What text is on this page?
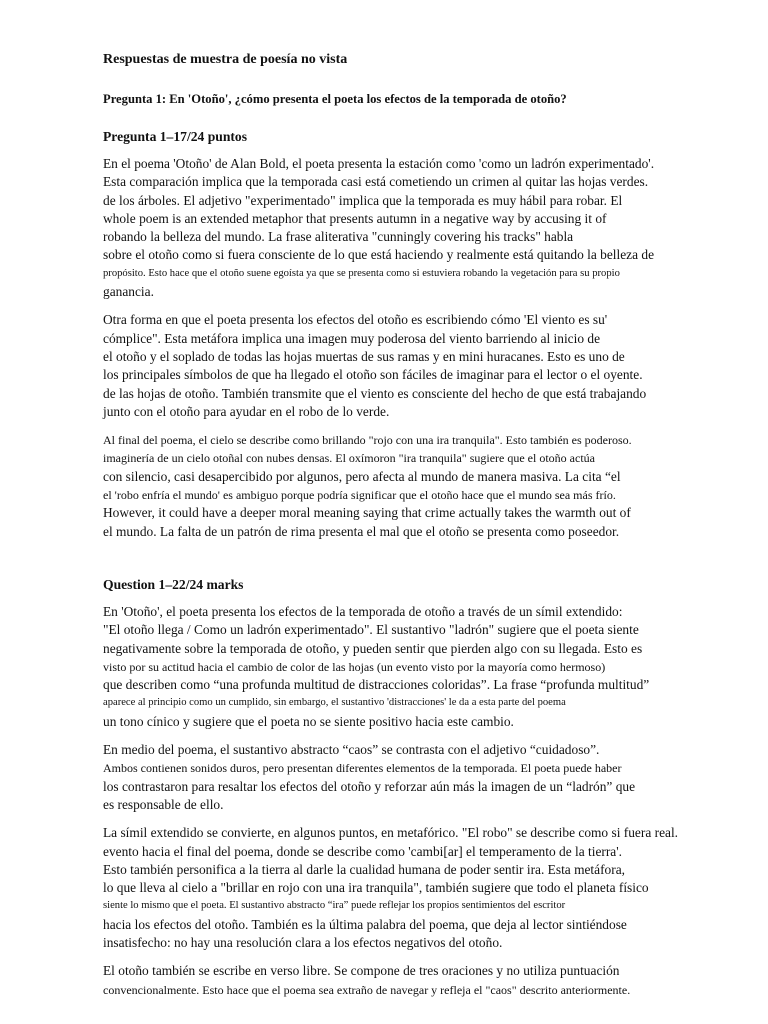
Respuestas de muestra de poesía no vista
Pregunta 1: En 'Otoño', ¿cómo presenta el poeta los efectos de la temporada de otoño?
Pregunta 1–17/24 puntos
En el poema 'Otoño' de Alan Bold, el poeta presenta la estación como 'como un ladrón experimentado'.
Esta comparación implica que la temporada casi está cometiendo un crimen al quitar las hojas verdes.
de los árboles. El adjetivo "experimentado" implica que la temporada es muy hábil para robar. El
whole poem is an extended metaphor that presents autumn in a negative way by accusing it of
robando la belleza del mundo. La frase aliterativa "cunningly covering his tracks" habla
sobre el otoño como si fuera consciente de lo que está haciendo y realmente está quitando la belleza de
propósito. Esto hace que el otoño suene egoísta ya que se presenta como si estuviera robando la vegetación para su propio
ganancia.
Otra forma en que el poeta presenta los efectos del otoño es escribiendo cómo 'El viento es su'
cómplice". Esta metáfora implica una imagen muy poderosa del viento barriendo al inicio de
el otoño y el soplado de todas las hojas muertas de sus ramas y en mini huracanes. Esto es uno de
los principales símbolos de que ha llegado el otoño son fáciles de imaginar para el lector o el oyente.
de las hojas de otoño. También transmite que el viento es consciente del hecho de que está trabajando
junto con el otoño para ayudar en el robo de lo verde.
Al final del poema, el cielo se describe como brillando "rojo con una ira tranquila". Esto también es poderoso.
imaginería de un cielo otoñal con nubes densas. El oxímoron "ira tranquila" sugiere que el otoño actúa
con silencio, casi desapercibido por algunos, pero afecta al mundo de manera masiva. La cita “el
el 'robo enfría el mundo' es ambiguo porque podría significar que el otoño hace que el mundo sea más frío.
However, it could have a deeper moral meaning saying that crime actually takes the warmth out of
el mundo. La falta de un patrón de rima presenta el mal que el otoño se presenta como poseedor.
Question 1–22/24 marks
En 'Otoño', el poeta presenta los efectos de la temporada de otoño a través de un símil extendido:
"El otoño llega / Como un ladrón experimentado". El sustantivo "ladrón" sugiere que el poeta siente
negativamente sobre la temporada de otoño, y pueden sentir que pierden algo con su llegada. Esto es
visto por su actitud hacia el cambio de color de las hojas (un evento visto por la mayoría como hermoso)
que describen como “una profunda multitud de distracciones coloridas”. La frase “profunda multitud”
aparece al principio como un cumplido, sin embargo, el sustantivo 'distracciones' le da a esta parte del poema
un tono cínico y sugiere que el poeta no se siente positivo hacia este cambio.
En medio del poema, el sustantivo abstracto “caos” se contrasta con el adjetivo “cuidadoso”.
Ambos contienen sonidos duros, pero presentan diferentes elementos de la temporada. El poeta puede haber
los contrastaron para resaltar los efectos del otoño y reforzar aún más la imagen de un “ladrón” que
es responsable de ello.
La símil extendido se convierte, en algunos puntos, en metafórico. "El robo" se describe como si fuera real.
evento hacia el final del poema, donde se describe como 'cambi[ar] el temperamento de la tierra'.
Esto también personifica a la tierra al darle la cualidad humana de poder sentir ira. Esta metáfora,
lo que lleva al cielo a "brillar en rojo con una ira tranquila", también sugiere que todo el planeta físico
siente lo mismo que el poeta. El sustantivo abstracto “ira” puede reflejar los propios sentimientos del escritor
hacia los efectos del otoño. También es la última palabra del poema, que deja al lector sintiéndose
insatisfecho: no hay una resolución clara a los efectos negativos del otoño.
El otoño también se escribe en verso libre. Se compone de tres oraciones y no utiliza puntuación
convencionalmente. Esto hace que el poema sea extraño de navegar y refleja el "caos" descrito anteriormente.
